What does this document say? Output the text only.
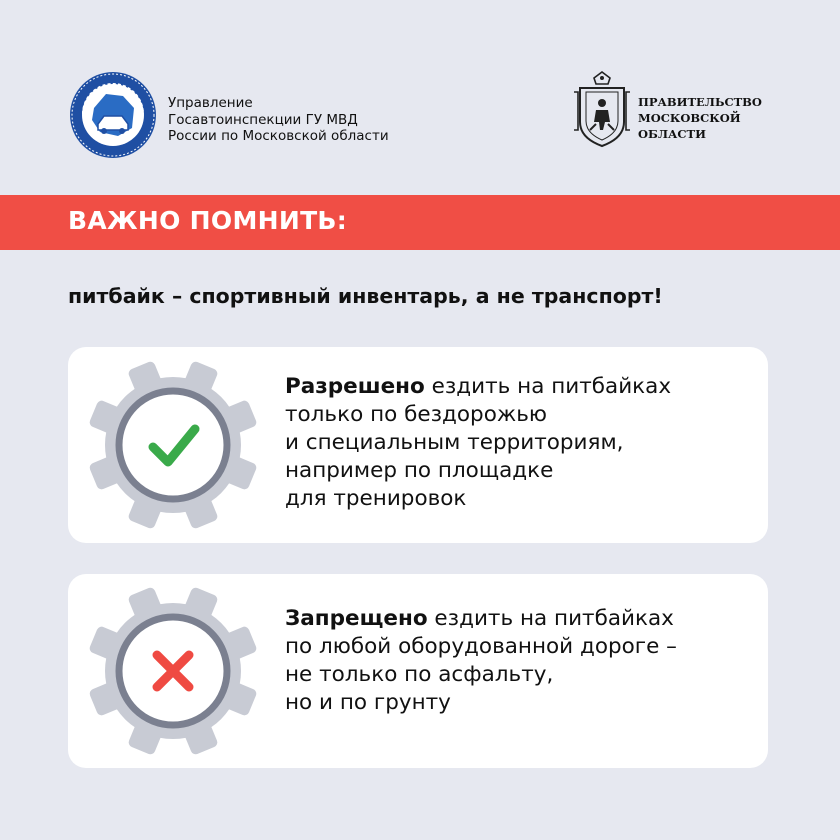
Управление
Госавтоинспекции ГУ МВД
России по Московской области
ПРАВИТЕЛЬСТВО
МОСКОВСКОЙ
ОБЛАСТИ
ВАЖНО ПОМНИТЬ:
питбайк – спортивный инвентарь, а не транспорт!
Разрешено ездить на питбайках
только по бездорожью
и специальным территориям,
например по площадке
для тренировок
Запрещено ездить на питбайках
по любой оборудованной дороге –
не только по асфальту,
но и по грунту
